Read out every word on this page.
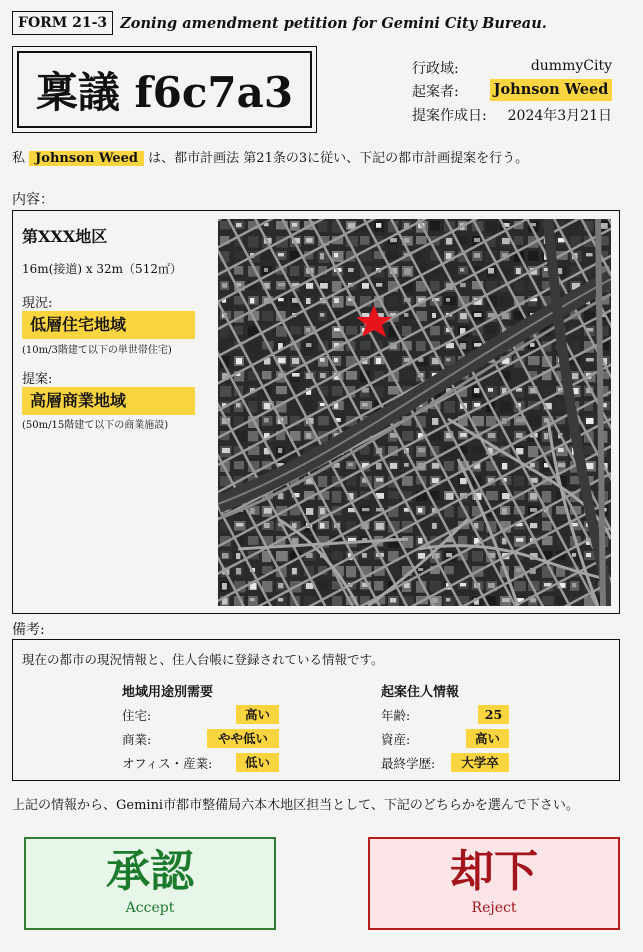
FORM 21-3 Zoning amendment petition for Gemini City Bureau.
稟議 f6c7a3	行政域:	dummyCity
起案者: Johnson Weed
提案作成日: 2024年3月21日
私 Johnson Weed は、都市計画法 第21条の3に従い、下記の都市計画提案を行う。
内容：
第XXX地区
16m(接道) x 32m（512㎡）
現況:
低層住宅地域
(10m/3階建て以下の単世帯住宅)
提案:
高層商業地域
(50m/15階建て以下の商業施設)
備考:
現在の都市の現況情報と、住人台帳に登録されている情報です。
地域用途別需要
住宅:	高い
商業:	やや低い
オフィス・産業:	低い
起案住人情報
年齢:	25
資産:	高い
最終学歴:	大学卒
上記の情報から、Gemini市都市整備局六本木地区担当として、下記のどちらかを選んで下さい。
承認
Accept
却下
Reject
